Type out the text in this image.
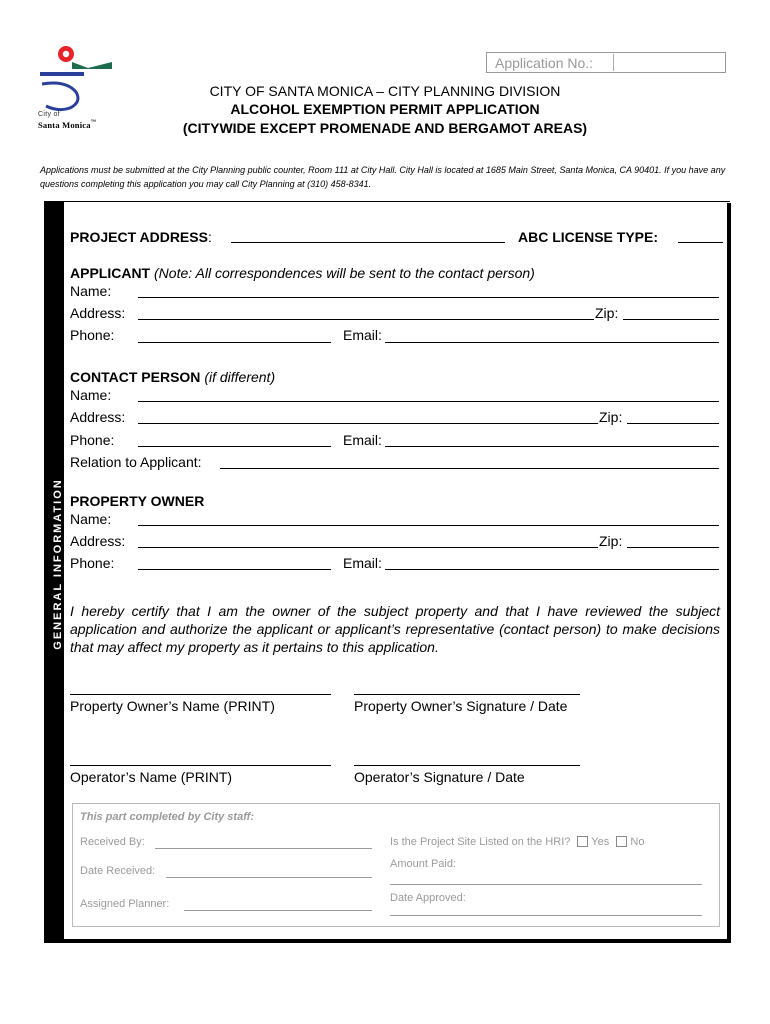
City of
Santa Monica™
Application No.:
CITY OF SANTA MONICA – CITY PLANNING DIVISION
ALCOHOL EXEMPTION PERMIT APPLICATION
(CITYWIDE EXCEPT PROMENADE AND BERGAMOT AREAS)
Applications must be submitted at the City Planning public counter, Room 111 at City Hall. City Hall is located at 1685 Main Street, Santa Monica, CA 90401. If you have any questions completing this application you may call City Planning at (310) 458-8341.
GENERAL INFORMATION
PROJECT ADDRESS:	ABC LICENSE TYPE:
APPLICANT (Note: All correspondences will be sent to the contact person)
Name:
Address:	Zip:
Phone:	Email:
CONTACT PERSON (if different)
Name:
Address:	Zip:
Phone:	Email:
Relation to Applicant:
PROPERTY OWNER
Name:
Address:	Zip:
Phone:	Email:
I hereby certify that I am the owner of the subject property and that I have reviewed the subject application and authorize the applicant or applicant’s representative (contact person) to make decisions that may affect my property as it pertains to this application.
Property Owner’s Name (PRINT)	Property Owner’s Signature / Date
Operator’s Name (PRINT)	Operator’s Signature / Date
This part completed by City staff:
Received By:
Date Received:
Assigned Planner:
Is the Project Site Listed on the HRI? Yes No
Amount Paid:
Date Approved:
